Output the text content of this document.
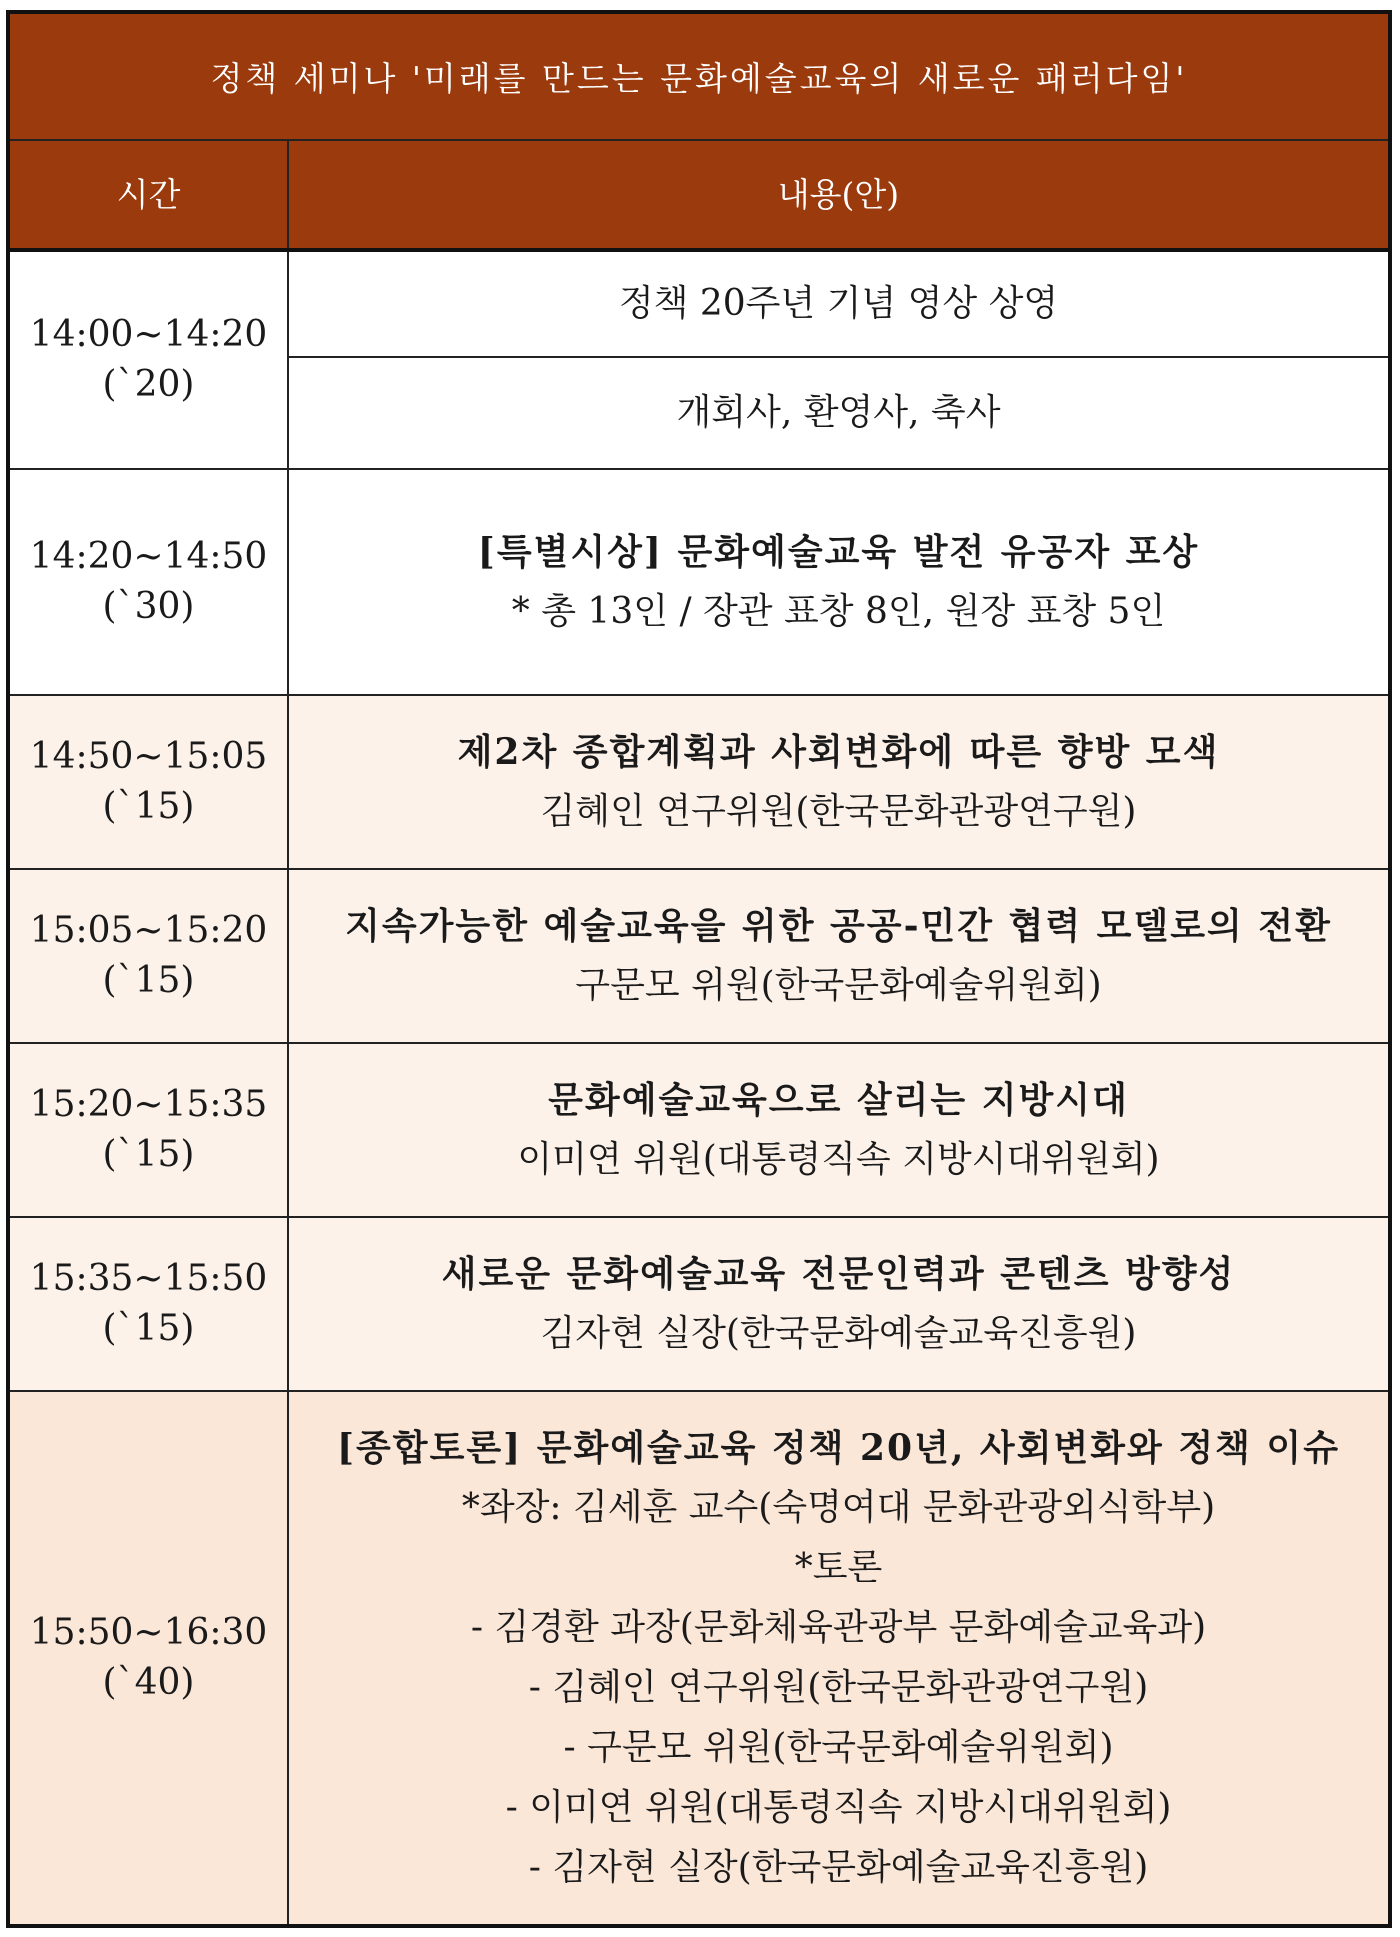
정책 세미나 '미래를 만드는 문화예술교육의 새로운 패러다임'
시간	내용(안)
14:00~14:20
(`20)
정책 20주년 기념 영상 상영
개회사, 환영사, 축사
14:20~14:50
(`30)
[특별시상] 문화예술교육 발전 유공자 포상
* 총 13인 / 장관 표창 8인, 원장 표창 5인
14:50~15:05
(`15)
제2차 종합계획과 사회변화에 따른 향방 모색
김혜인 연구위원(한국문화관광연구원)
15:05~15:20
(`15)
지속가능한 예술교육을 위한 공공-민간 협력 모델로의 전환
구문모 위원(한국문화예술위원회)
15:20~15:35
(`15)
문화예술교육으로 살리는 지방시대
이미연 위원(대통령직속 지방시대위원회)
15:35~15:50
(`15)
새로운 문화예술교육 전문인력과 콘텐츠 방향성
김자현 실장(한국문화예술교육진흥원)
15:50~16:30
(`40)
[종합토론] 문화예술교육 정책 20년, 사회변화와 정책 이슈
*좌장: 김세훈 교수(숙명여대 문화관광외식학부)
*토론
- 김경환 과장(문화체육관광부 문화예술교육과)
- 김혜인 연구위원(한국문화관광연구원)
- 구문모 위원(한국문화예술위원회)
- 이미연 위원(대통령직속 지방시대위원회)
- 김자현 실장(한국문화예술교육진흥원)
